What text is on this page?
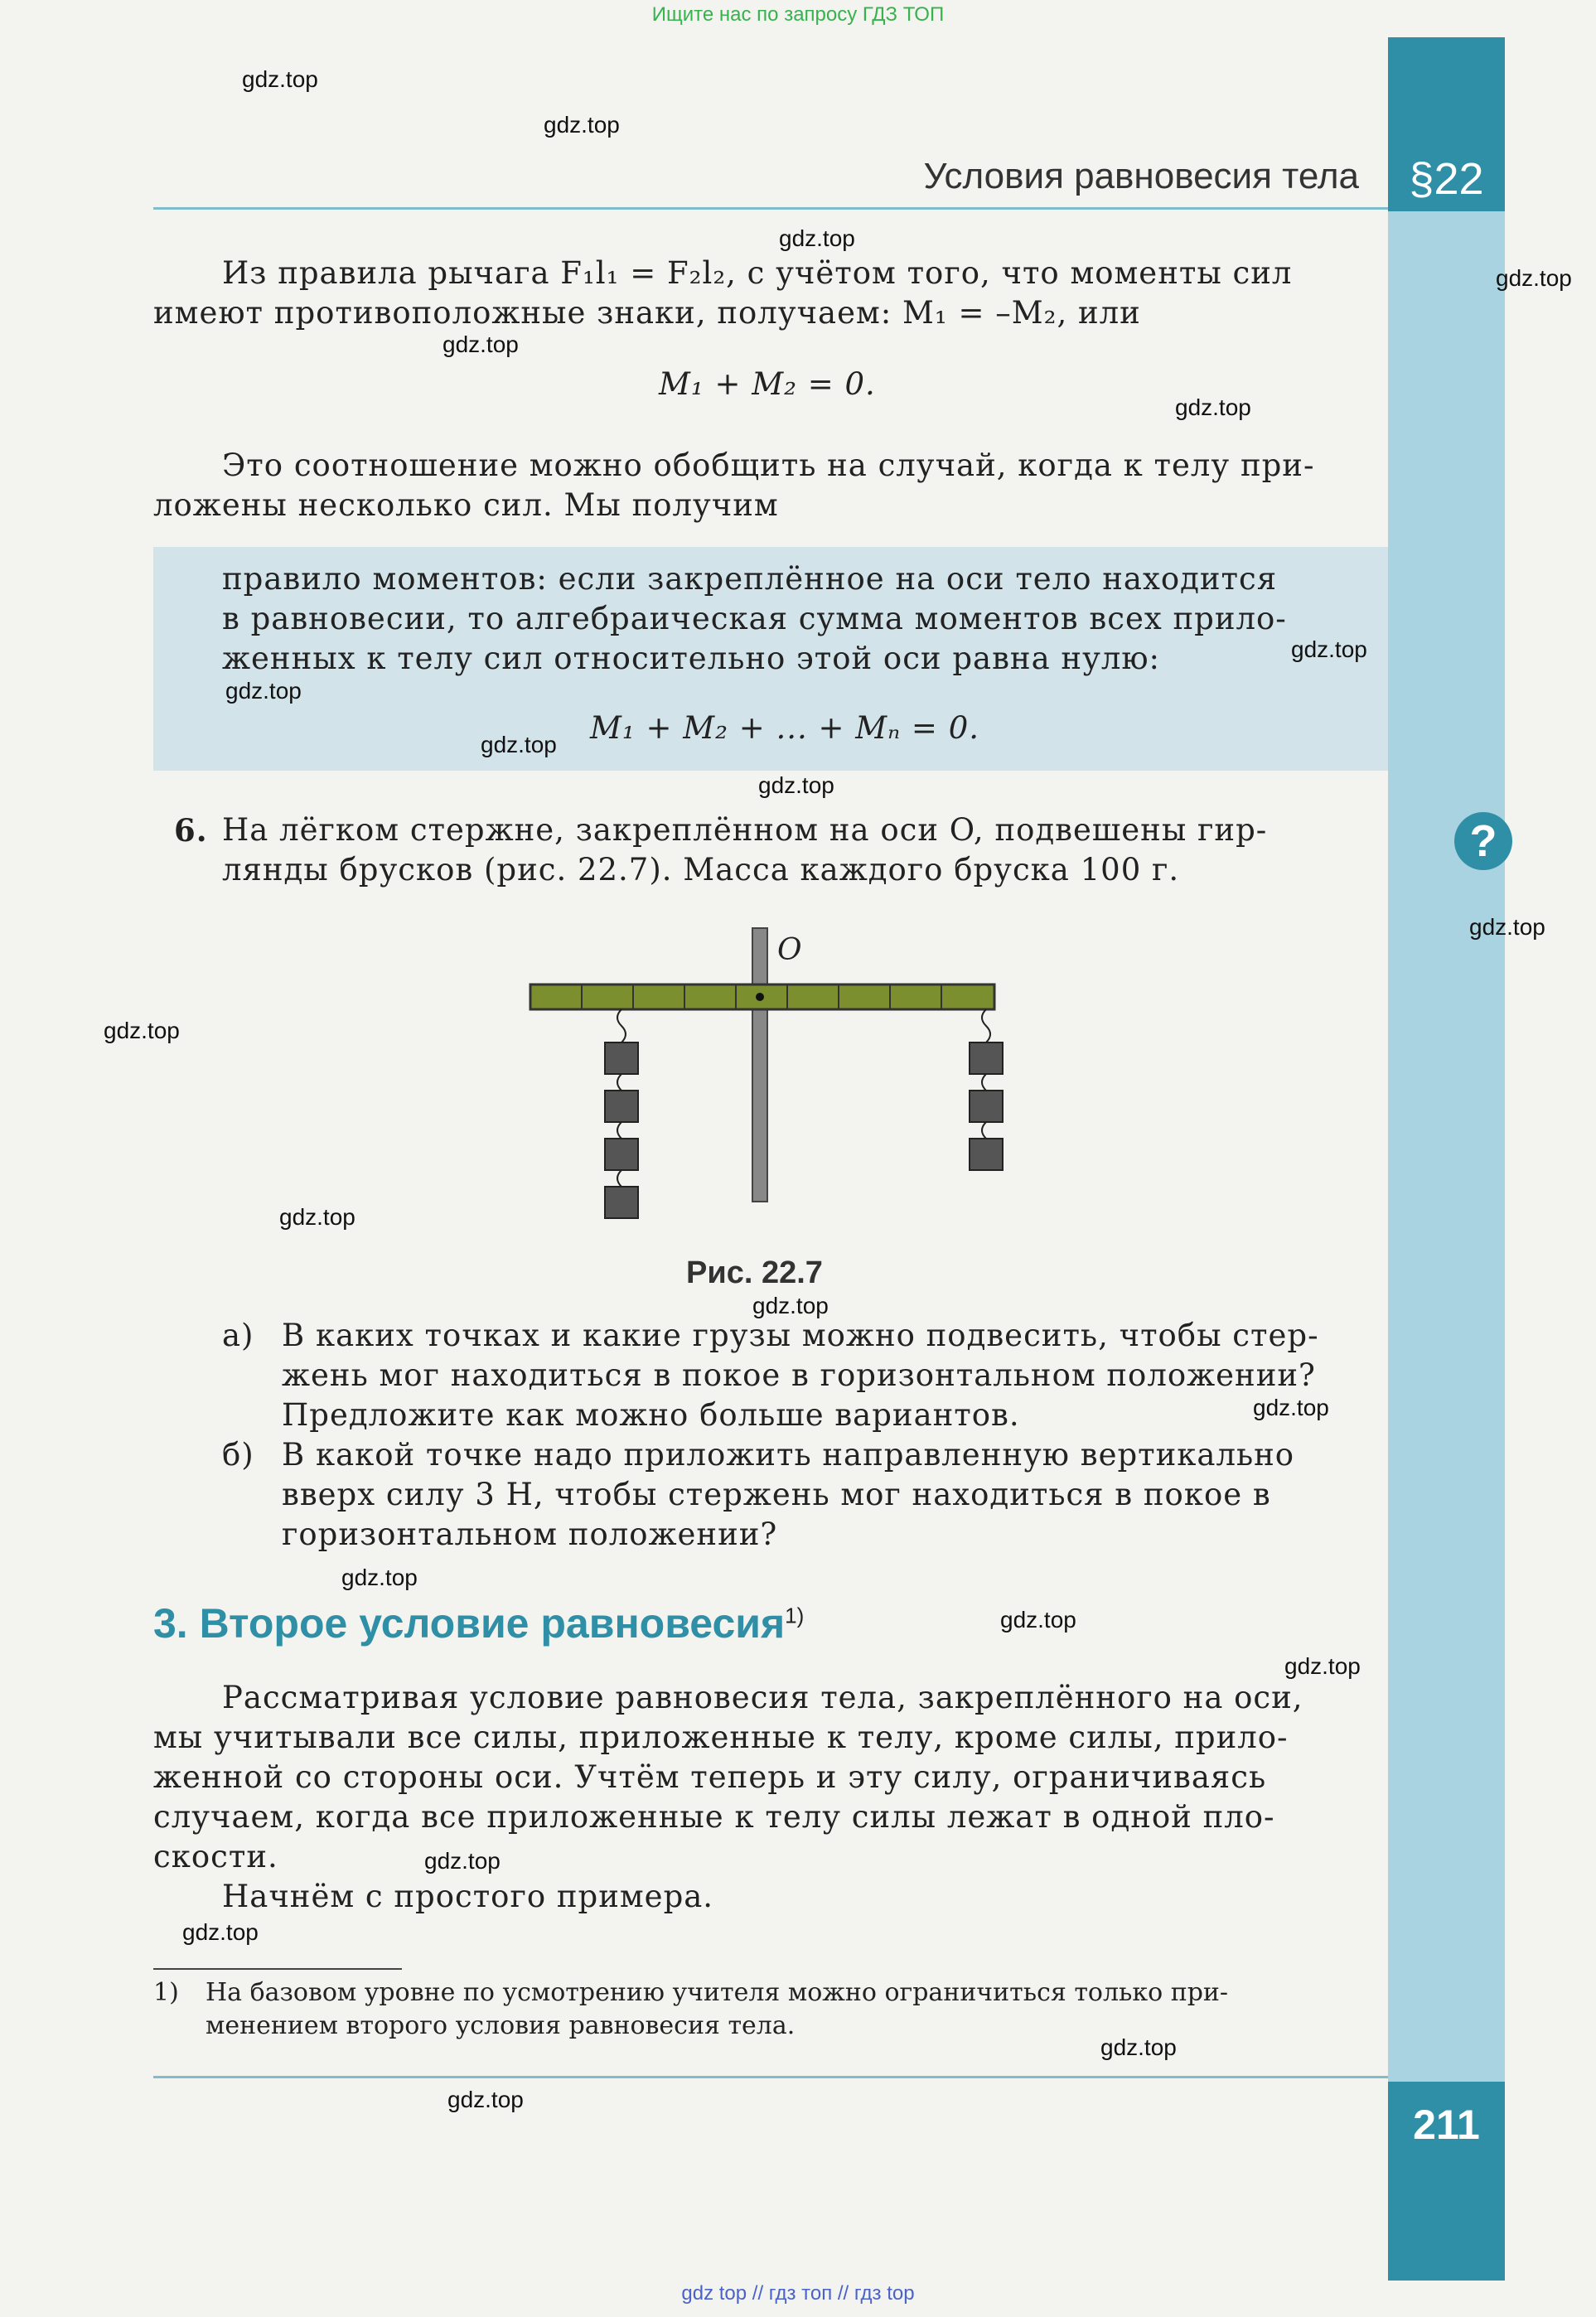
Ищите нас по запросу ГДЗ ТОП
gdz top // гдз топ // гдз top
§22
211
?
Условия равновесия тела
Из правила рычага F₁l₁ = F₂l₂, с учётом того, что моменты сил
имеют противоположные знаки, получаем: M₁ = –M₂, или
M₁ + M₂ = 0.
Это соотношение можно обобщить на случай, когда к телу при-
ложены несколько сил. Мы получим
правило моментов: если закреплённое на оси тело находится
в равновесии, то алгебраическая сумма моментов всех прило-
женных к телу сил относительно этой оси равна нулю:
M₁ + M₂ + ... + Mₙ = 0.
6. На лёгком стержне, закреплённом на оси O, подвешены гир-
лянды брусков (рис. 22.7). Масса каждого бруска 100 г.
O
Рис. 22.7
а) В каких точках и какие грузы можно подвесить, чтобы стер-
жень мог находиться в покое в горизонтальном положении?
Предложите как можно больше вариантов.
б) В какой точке надо приложить направленную вертикально
вверх силу 3 Н, чтобы стержень мог находиться в покое в
горизонтальном положении?
3. Второе условие равновесия$^{1)}$
Рассматривая условие равновесия тела, закреплённого на оси,
мы учитывали все силы, приложенные к телу, кроме силы, прило-
женной со стороны оси. Учтём теперь и эту силу, ограничиваясь
случаем, когда все приложенные к телу силы лежат в одной пло-
скости.
Начнём с простого примера.
1) На базовом уровне по усмотрению учителя можно ограничиться только при-
менением второго условия равновесия тела.
gdz.top
gdz.top
gdz.top
gdz.top
gdz.top
gdz.top
gdz.top
gdz.top
gdz.top
gdz.top
gdz.top
gdz.top
gdz.top
gdz.top
gdz.top
gdz.top
gdz.top
gdz.top
gdz.top
gdz.top
gdz.top
gdz.top
